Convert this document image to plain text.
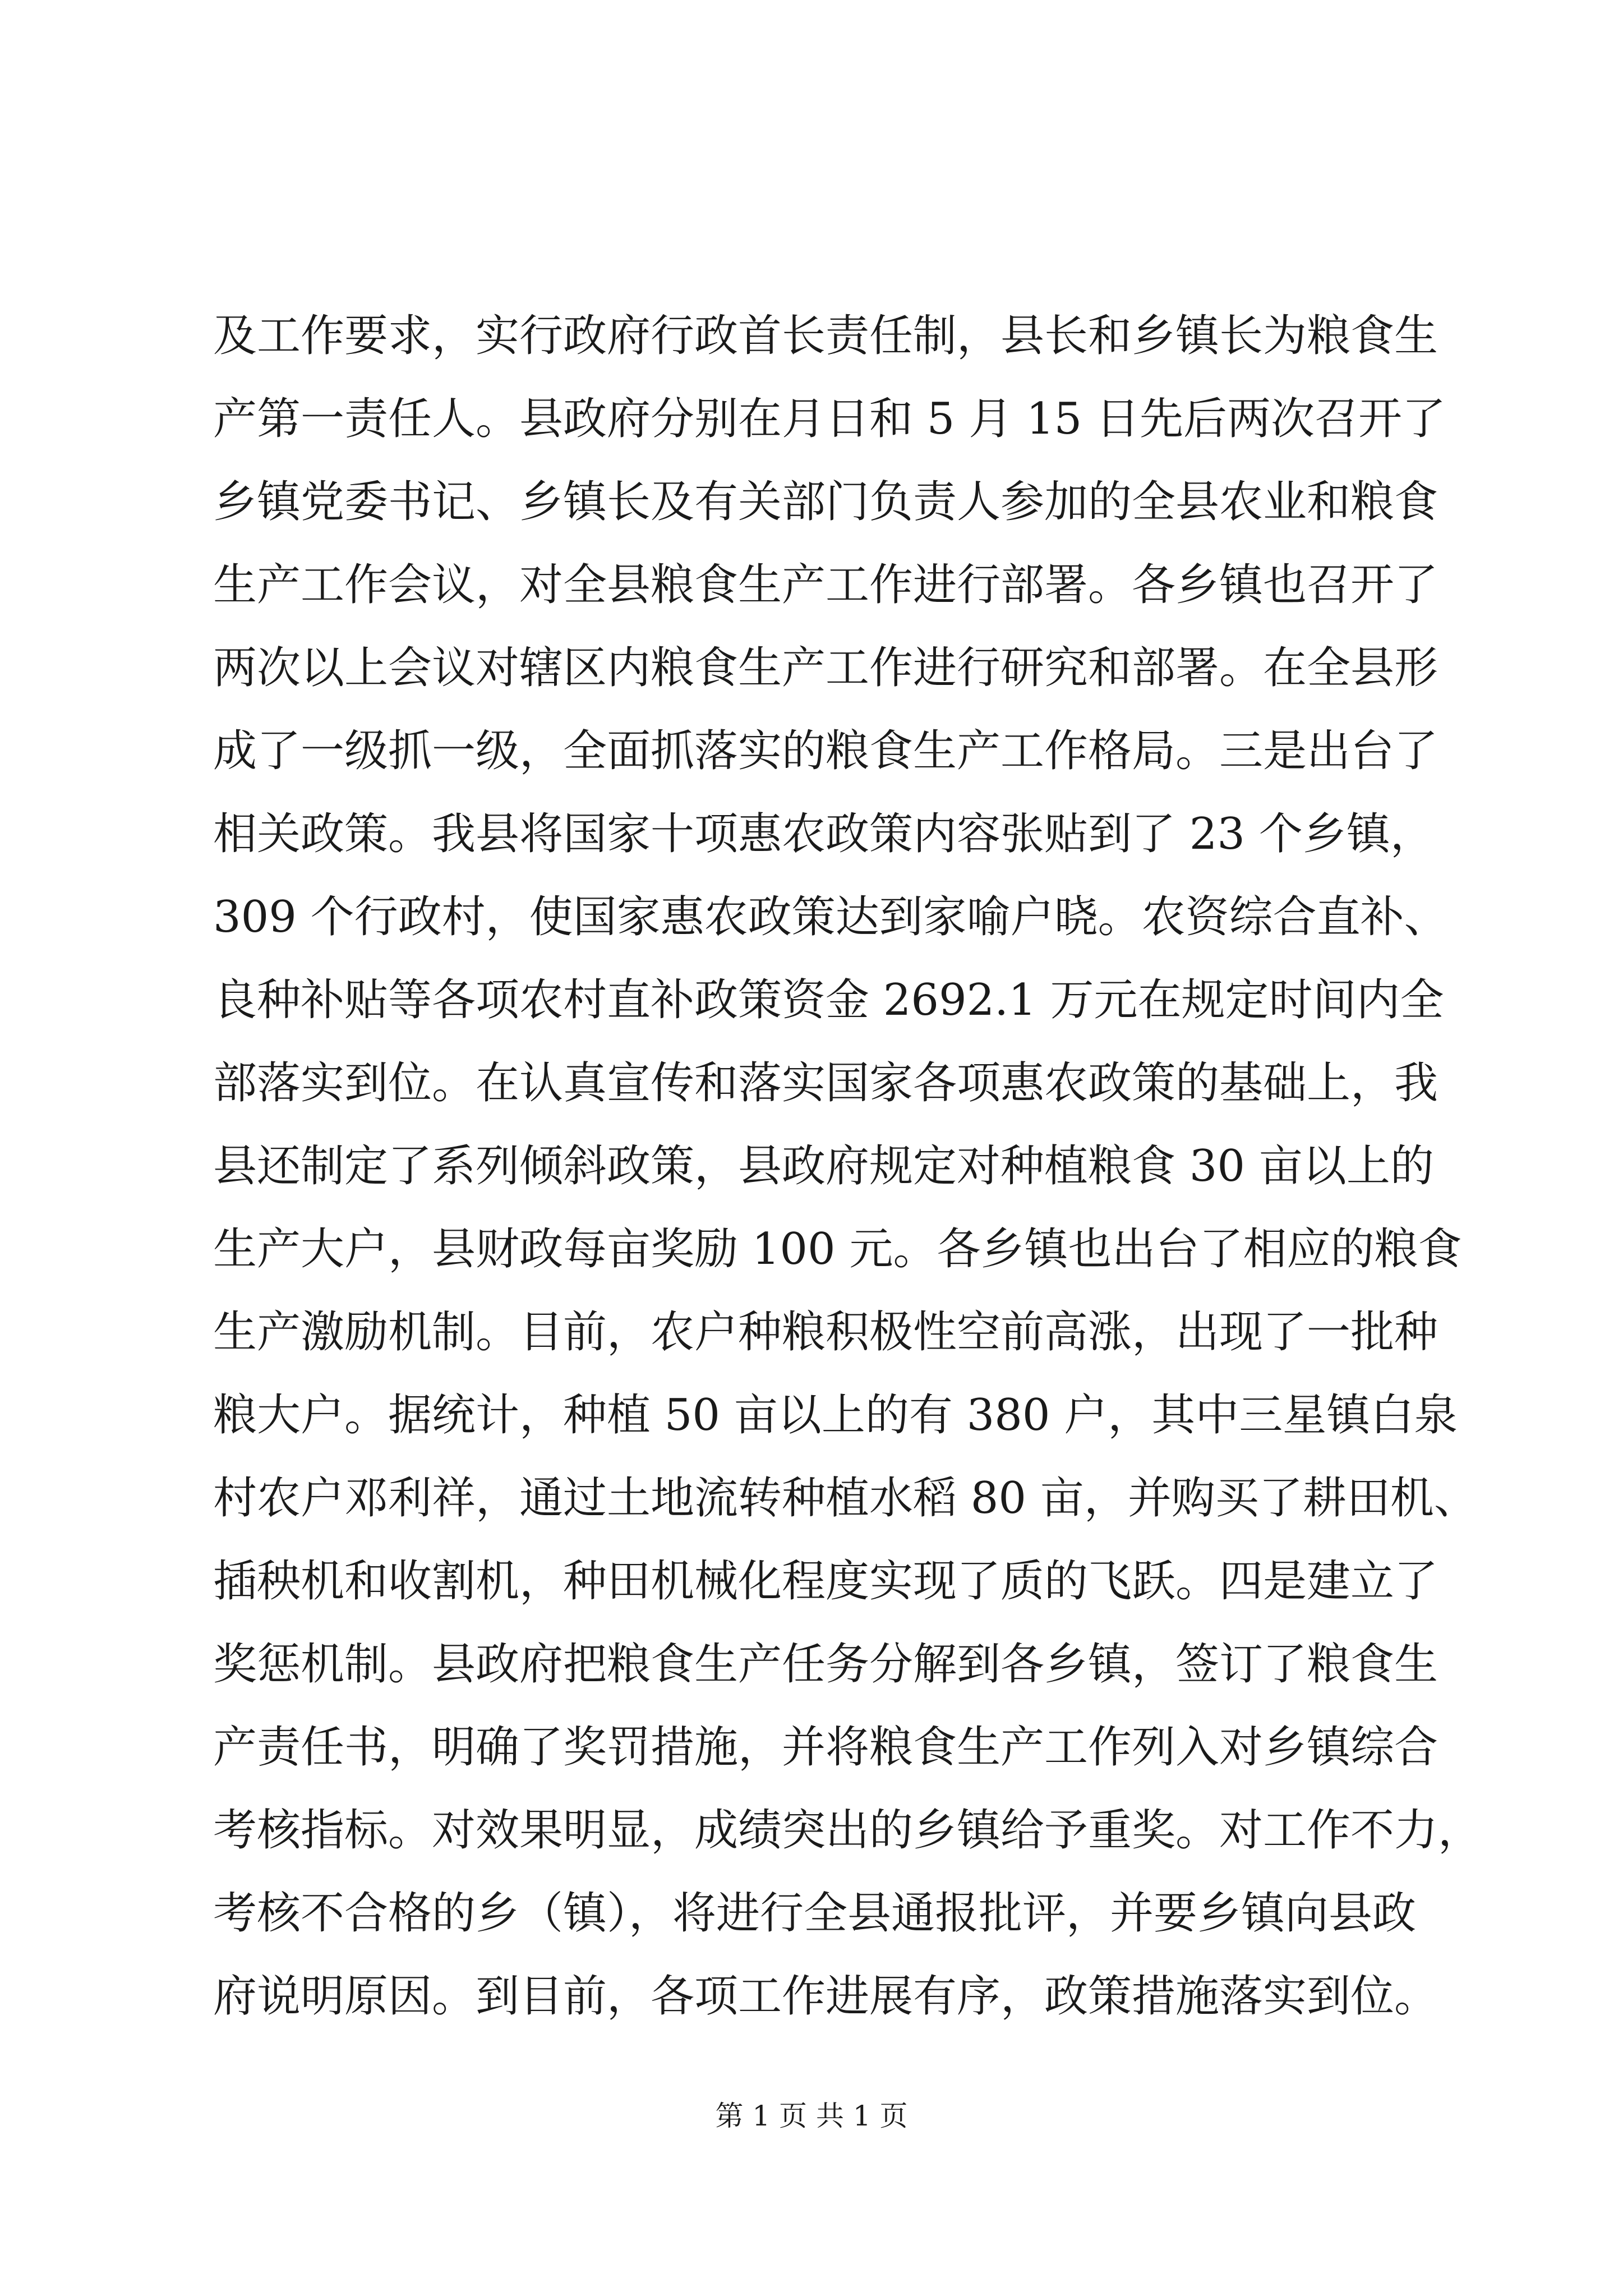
及工作要求，实行政府行政首长责任制，县长和乡镇长为粮食生
产第一责任人。县政府分别在月日和 5 月 15 日先后两次召开了
乡镇党委书记、乡镇长及有关部门负责人参加的全县农业和粮食
生产工作会议，对全县粮食生产工作进行部署。各乡镇也召开了
两次以上会议对辖区内粮食生产工作进行研究和部署。在全县形
成了一级抓一级，全面抓落实的粮食生产工作格局。三是出台了
相关政策。我县将国家十项惠农政策内容张贴到了 23 个乡镇，
309 个行政村，使国家惠农政策达到家喻户晓。农资综合直补、
良种补贴等各项农村直补政策资金 2692.1 万元在规定时间内全
部落实到位。在认真宣传和落实国家各项惠农政策的基础上，我
县还制定了系列倾斜政策，县政府规定对种植粮食 30 亩以上的
生产大户，县财政每亩奖励 100 元。各乡镇也出台了相应的粮食
生产激励机制。目前，农户种粮积极性空前高涨，出现了一批种
粮大户。据统计，种植 50 亩以上的有 380 户，其中三星镇白泉
村农户邓利祥，通过土地流转种植水稻 80 亩，并购买了耕田机、
插秧机和收割机，种田机械化程度实现了质的飞跃。四是建立了
奖惩机制。县政府把粮食生产任务分解到各乡镇，签订了粮食生
产责任书，明确了奖罚措施，并将粮食生产工作列入对乡镇综合
考核指标。对效果明显，成绩突出的乡镇给予重奖。对工作不力，
考核不合格的乡（镇），将进行全县通报批评，并要乡镇向县政
府说明原因。到目前，各项工作进展有序，政策措施落实到位。
第 1 页 共 1 页
